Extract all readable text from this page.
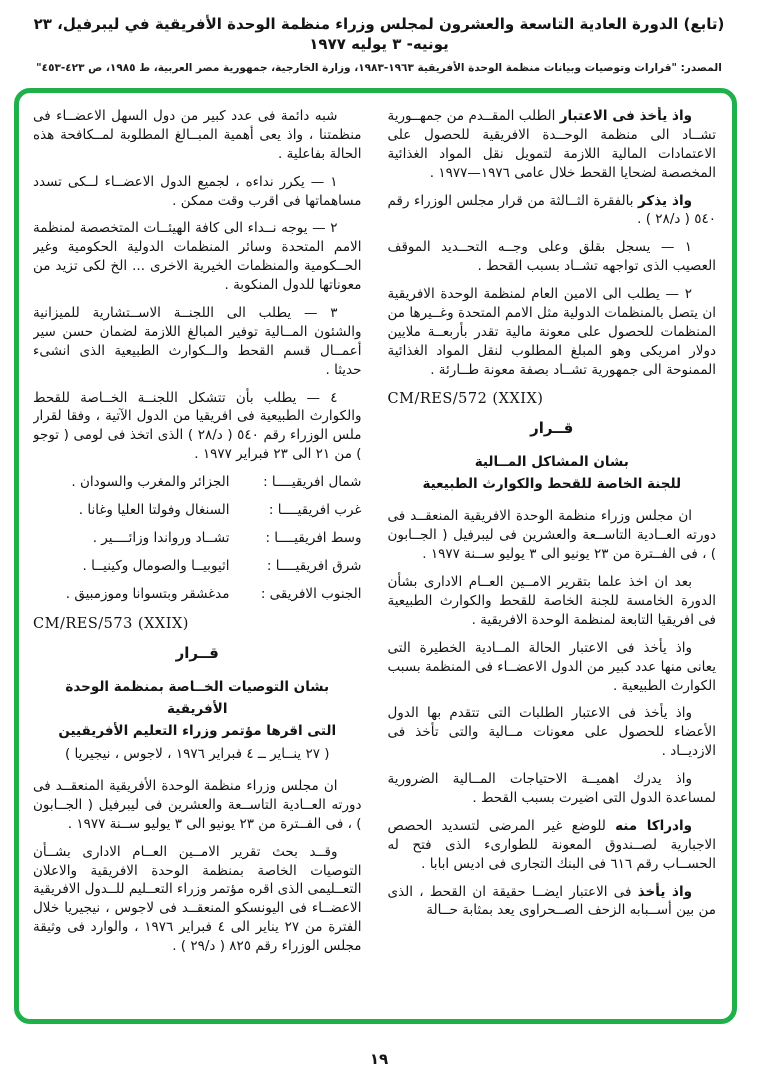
(تابع) الدورة العادية التاسعة والعشرون لمجلس وزراء منظمة الوحدة الأفريقية في ليبرفيل، ٢٣ يونيه- ٣ يوليه ١٩٧٧
المصدر: "قرارات وتوصيات وبيانات منظمة الوحدة الأفريقية ١٩٦٣-١٩٨٣، وزارة الخارجية، جمهورية مصر العربية، ط ١٩٨٥، ص ٤٢٣-٤٥٣"

واذ يأخذ فى الاعتبار الطلب المقــدم من جمهــورية تشــاد الى منظمة الوحــدة الافريقية للحصول على الاعتمادات المالية اللازمة لتمويل نقل المواد الغذائية المخصصة لضحايا القحط خلال عامى ١٩٧٦—١٩٧٧ .

واذ يذكر بالفقرة الثــالثة من قرار مجلس الوزراء رقم ٥٤٠ ( د/٢٨ ) .

١ — يسجل بقلق وعلى وجــه التحــديد الموقف العصيب الذى تواجهه تشــاد بسبب القحط .

٢ — يطلب الى الامين العام لمنظمة الوحدة الافريقية ان يتصل بالمنظمات الدولية مثل الامم المتحدة وغــيرها من المنظمات للحصول على معونة مالية تقدر بأربعــة ملايين دولار امريكى وهو المبلغ المطلوب لنقل المواد الغذائية الممنوحة الى جمهورية تشــاد بصفة معونة طــارئة .

CM/RES/572 (XXIX)

قــرار
بشان المشاكل المــالية
للجنة الخاصة للقحط والكوارث الطبيعية

ان مجلس وزراء منظمة الوحدة الافريقية المنعقــد فى دورته العــادية التاســعة والعشرين فى ليبرفيل ( الجــابون ) ، فى الفــترة من ٢٣ يونيو الى ٣ يوليو ســنة ١٩٧٧ .

بعد ان اخذ علما بتقرير الامــين العــام الادارى بشأن الدورة الخامسة للجنة الخاصة للقحط والكوارث الطبيعية فى افريقيا التابعة لمنظمة الوحدة الافريقية .

واذ يأخذ فى الاعتبار الحالة المــادية الخطيرة التى يعانى منها عدد كبير من الدول الاعضــاء فى المنظمة بسبب الكوارث الطبيعية .

واذ يأخذ فى الاعتبار الطلبات التى تتقدم بها الدول الأعضاء للحصول على معونات مــالية والتى تأخذ فى الازديــاد .

واذ يدرك اهميــة الاحتياجات المــالية الضرورية لمساعدة الدول التى اضيرت بسبب القحط .

وادراكا منه للوضع غير المرضى لتسديد الحصص الاجبارية لصــندوق المعونة للطوارىء الذى فتح له الحســاب رقم ٦١٦ فى البنك التجارى فى اديس ابابا .

واذ يأخذ فى الاعتبار ايضــا حقيقة ان القحط ، الذى من بين أســبابه الزحف الصــحراوى يعد بمثابة حــالة

شبه دائمة فى عدد كبير من دول السهل الاعضــاء فى منظمتنا ، واذ يعى أهمية المبــالغ المطلوبة لمــكافحة هذه الحالة بفاعلية .

١ — يكرر نداءه ، لجميع الدول الاعضــاء لــكى تسدد مساهماتها فى اقرب وقت ممكن .

٢ — يوجه نــداء الى كافة الهيئــات المتخصصة لمنظمة الامم المتحدة وسائر المنظمات الدولية الحكومية وغير الحــكومية والمنظمات الخيرية الاخرى ... الخ لكى تزيد من معوناتها للدول المنكوبة .

٣ — يطلب الى اللجنــة الاســتشارية للميزانية والشئون المــالية توفير المبالغ اللازمة لضمان حسن سير أعمــال قسم القحط والــكوارث الطبيعية الذى انشىء حديثا .

٤ — يطلب بأن تتشكل اللجنــة الخــاصة للقحط والكوارث الطبيعية فى افريقيا من الدول الآتية ، وفقا لقرار ملس الوزراء رقم ٥٤٠ ( د/٢٨ ) الذى اتخذ فى لومى ( توجو ) من ٢١ الى ٢٣ فبراير ١٩٧٧ .

شمال افريقيــــا :
الجزائر والمغرب والسودان .
غرب افريقيــــا :
السنغال وفولتا العليا وغانا .
وسط افريقيــــا :
تشــاد ورواندا وزائــــير .
شرق افريقيــــا :
اثيوبيــا والصومال وكينيــا .
الجنوب الافريقى :
مدغشقر وبتسوانا وموزمبيق .

CM/RES/573 (XXIX)

قــرار
بشان التوصيات الخــاصة بمنظمة الوحدة الأفريقية
التى اقرها مؤتمر وزراء التعليم الأفريقيين
( ٢٧ ينــاير ــ ٤ فبراير ١٩٧٦ ، لاجوس ، نيجيريا )

ان مجلس وزراء منظمة الوحدة الأفريقية المنعقــد فى دورته العــادية التاســعة والعشرين فى ليبرفيل ( الجــابون ) ، فى الفــترة من ٢٣ يونيو الى ٣ يوليو ســنة ١٩٧٧ .

وقــد بحث تقرير الامــين العــام الادارى بشــأن التوصيات الخاصة بمنظمة الوحدة الافريقية والاعلان التعــليمى الذى اقره مؤتمر وزراء التعــليم للــدول الافريقية الاعضــاء فى اليونسكو المنعقــد فى لاجوس ، نيجيريا خلال الفترة من ٢٧ يناير الى ٤ فبراير ١٩٧٦ ، والوارد فى وثيقة مجلس الوزراء رقم ٨٢٥ ( د/٢٩ ) .

١٩
